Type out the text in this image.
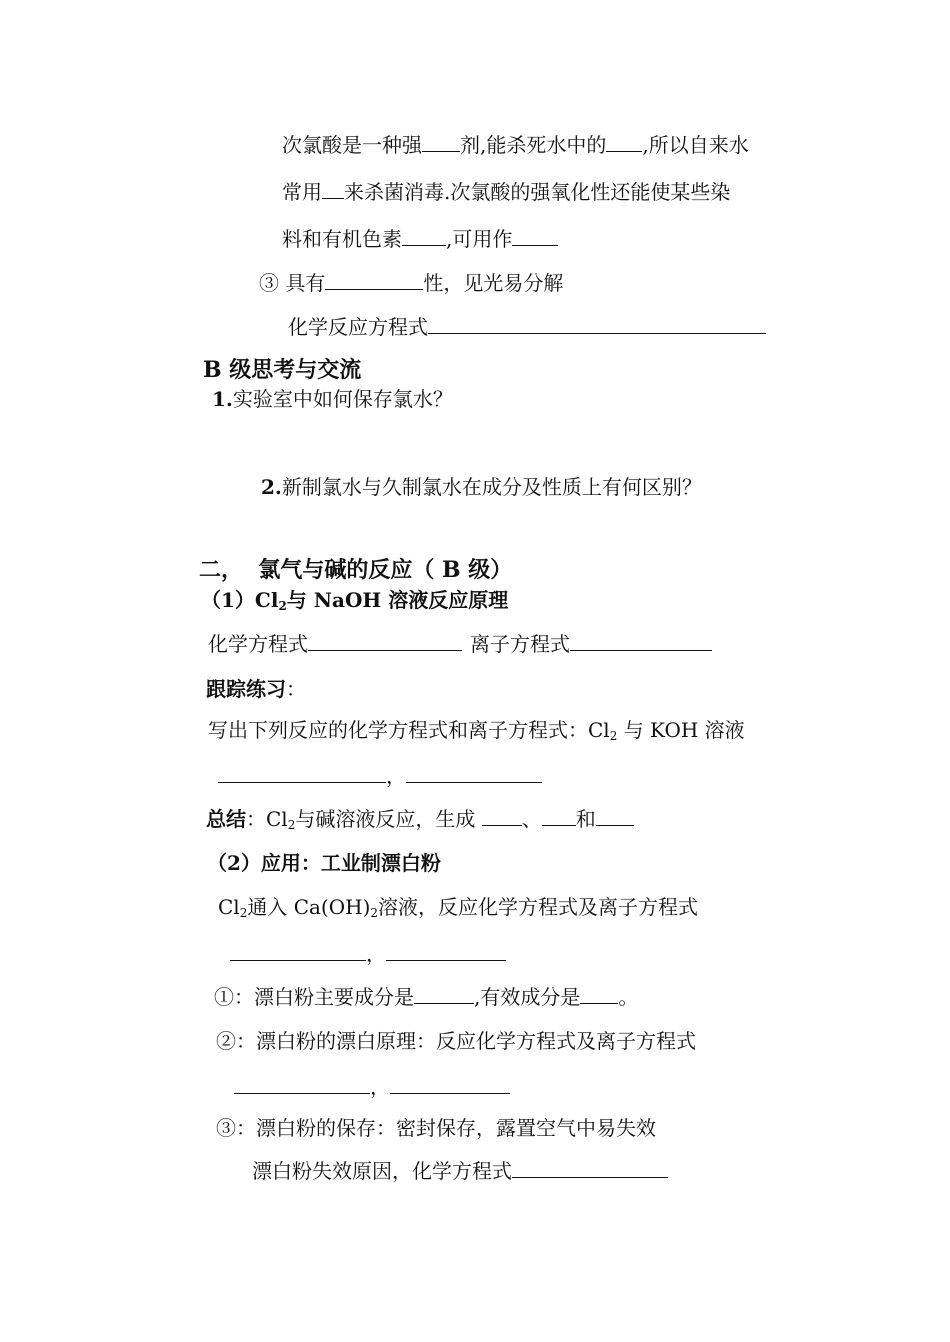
次氯酸是一种强 剂,能杀死水中的 ,所以自来水
常用 来杀菌消毒.次氯酸的强氧化性还能使某些染
料和有机色素 ,可用作
③ 具有	性，见光易分解
化学反应方程式
B 级思考与交流
1.实验室中如何保存氯水？
2.新制氯水与久制氯水在成分及性质上有何区别？
二，  氯气与碱的反应（ B 级）
$(1)Cl_2$与 NaOH 溶液反应原理
化学方程式	离子方程式
跟踪练习：
写出下列反应的化学方程式和离子方程式：$Cl_2$ 与 KOH 溶液
，
总结：$Cl_2$与碱溶液反应，生成 、 和
（2）应用：工业制漂白粉
$Cl_2$通入 $Ca(OH)_2$溶液，反应化学方程式及离子方程式
，
①：漂白粉主要成分是	,有效成分是 。
②：漂白粉的漂白原理：反应化学方程式及离子方程式
，
③：漂白粉的保存：密封保存，露置空气中易失效
漂白粉失效原因，化学方程式
